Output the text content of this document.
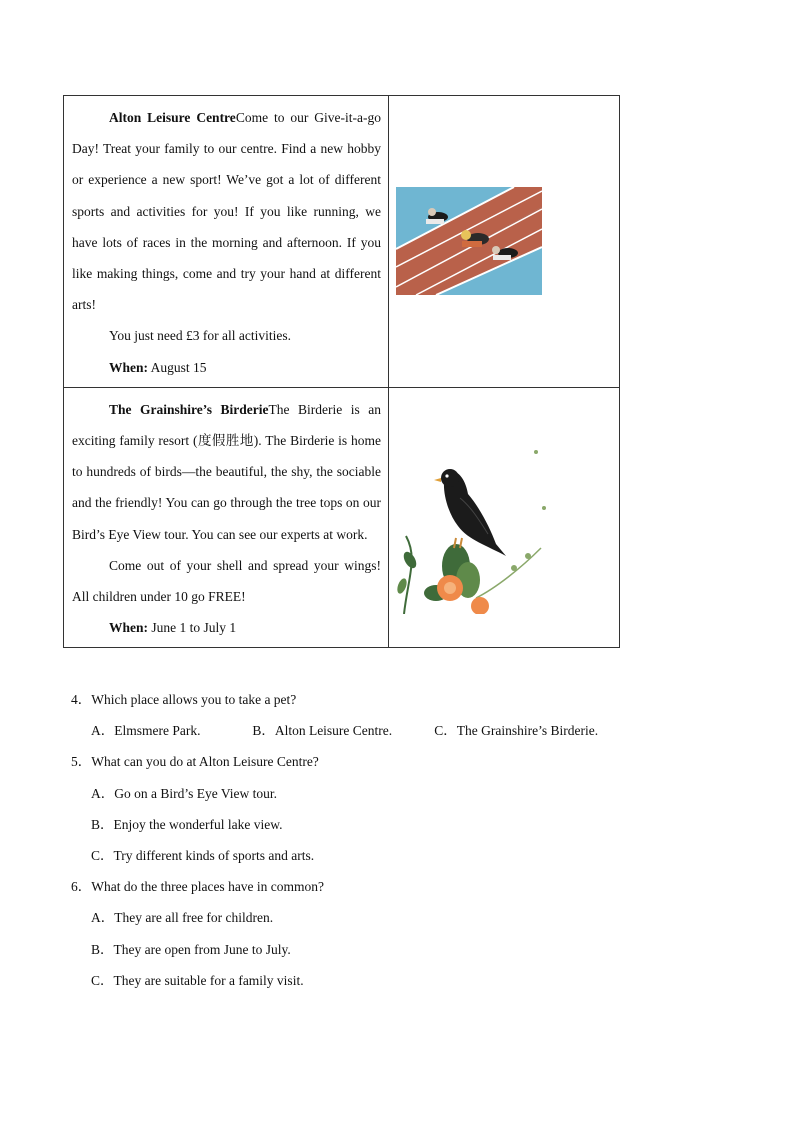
Alton Leisure CentreCome to our Give-it-a-go Day! Treat your family to our centre. Find a new hobby or experience a new sport! We’ve got a lot of different sports and activities for you! If you like running, we have lots of races in the morning and afternoon. If you like making things, come and try your hand at different arts!

You just need £3 for all activities.

When: August 15

The Grainshire’s BirderieThe Birderie is an exciting family resort (度假胜地). The Birderie is home to hundreds of birds—the beautiful, the shy, the sociable and the friendly! You can go through the tree tops on our Bird’s Eye View tour. You can see our experts at work.

Come out of your shell and spread your wings! All children under 10 go FREE!

When: June 1 to July 1

4．Which place allows you to take a pet?

A．Elmsmere Park.	B．Alton Leisure Centre.	C．The Grainshire’s Birderie.

5．What can you do at Alton Leisure Centre?

A．Go on a Bird’s Eye View tour.

B．Enjoy the wonderful lake view.

C．Try different kinds of sports and arts.

6．What do the three places have in common?

A．They are all free for children.

B．They are open from June to July.

C．They are suitable for a family visit.
